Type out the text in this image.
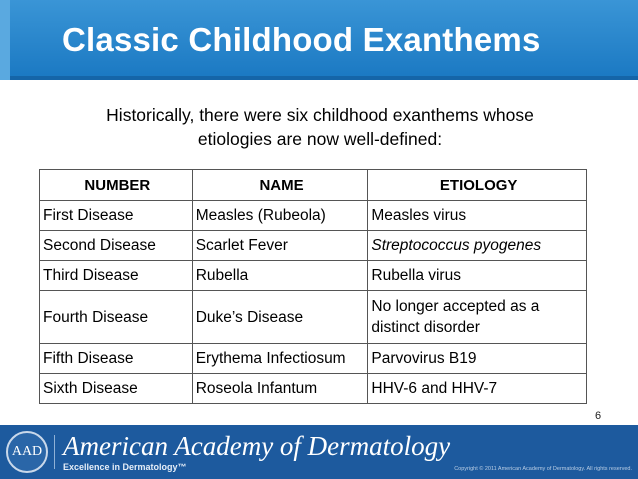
Classic Childhood Exanthems
Historically, there were six childhood exanthems whose
etiologies are now well-defined:
NUMBER	NAME	ETIOLOGY
First Disease	Measles (Rubeola)	Measles virus
Second Disease	Scarlet Fever	Streptococcus pyogenes
Third Disease	Rubella	Rubella virus
Fourth Disease	Duke’s Disease	No longer accepted as a distinct disorder
Fifth Disease	Erythema Infectiosum	Parvovirus B19
Sixth Disease	Roseola Infantum	HHV-6 and HHV-7
6
AAD American Academy of Dermatology
Excellence in Dermatology™	Copyright © 2011 American Academy of Dermatology. All rights reserved.
